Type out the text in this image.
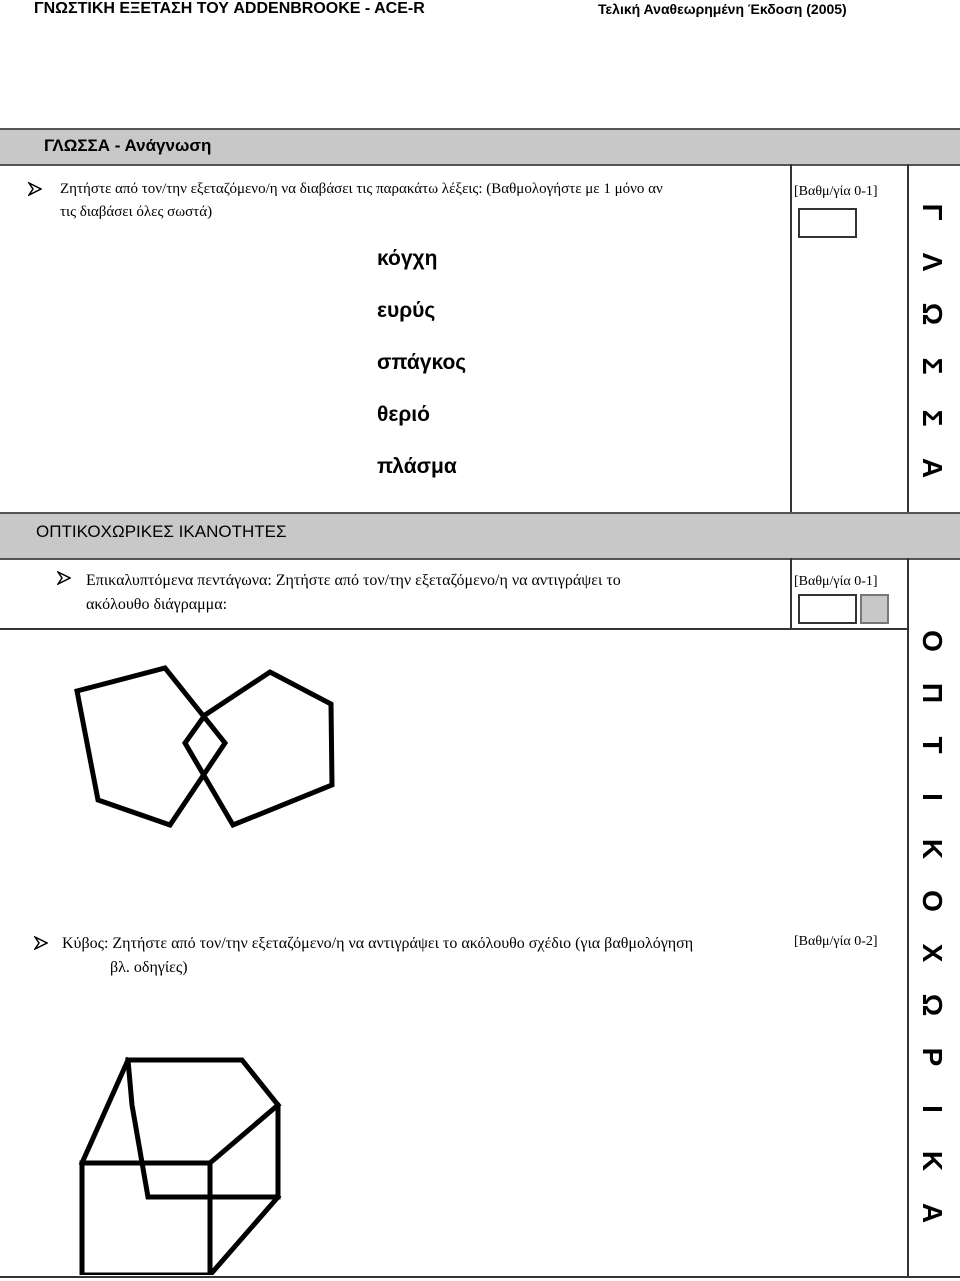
ΓΝΩΣΤΙΚΗ ΕΞΕΤΑΣΗ ΤΟΥ ADDENBROOKE - ACE-R	Τελική Αναθεωρημένη Έκδοση (2005)
ΓΛΩΣΣΑ - Ανάγνωση
Ζητήστε από τον/την εξεταζόμενο/η να διαβάσει τις παρακάτω λέξεις: (Βαθμολογήστε με 1 μόνο αν
τις διαβάσει όλες σωστά)
[Βαθμ/γία 0-1]
κόγχη
ευρύς
σπάγκος
θεριό
πλάσμα
Γ
Λ
Ω
Σ
Σ
Α
ΟΠΤΙΚΟΧΩΡΙΚΕΣ ΙΚΑΝΟΤΗΤΕΣ
Επικαλυπτόμενα πεντάγωνα: Ζητήστε από τον/την εξεταζόμενο/η να αντιγράψει το
ακόλουθο διάγραμμα:
[Βαθμ/γία 0-1]
Κύβος: Ζητήστε από τον/την εξεταζόμενο/η να αντιγράψει το ακόλουθο σχέδιο (για βαθμολόγηση
βλ. οδηγίες)
[Βαθμ/γία 0-2]
Ο
Π
Τ
Ι
Κ
Ο
Χ
Ω
Ρ
Ι
Κ
Α
